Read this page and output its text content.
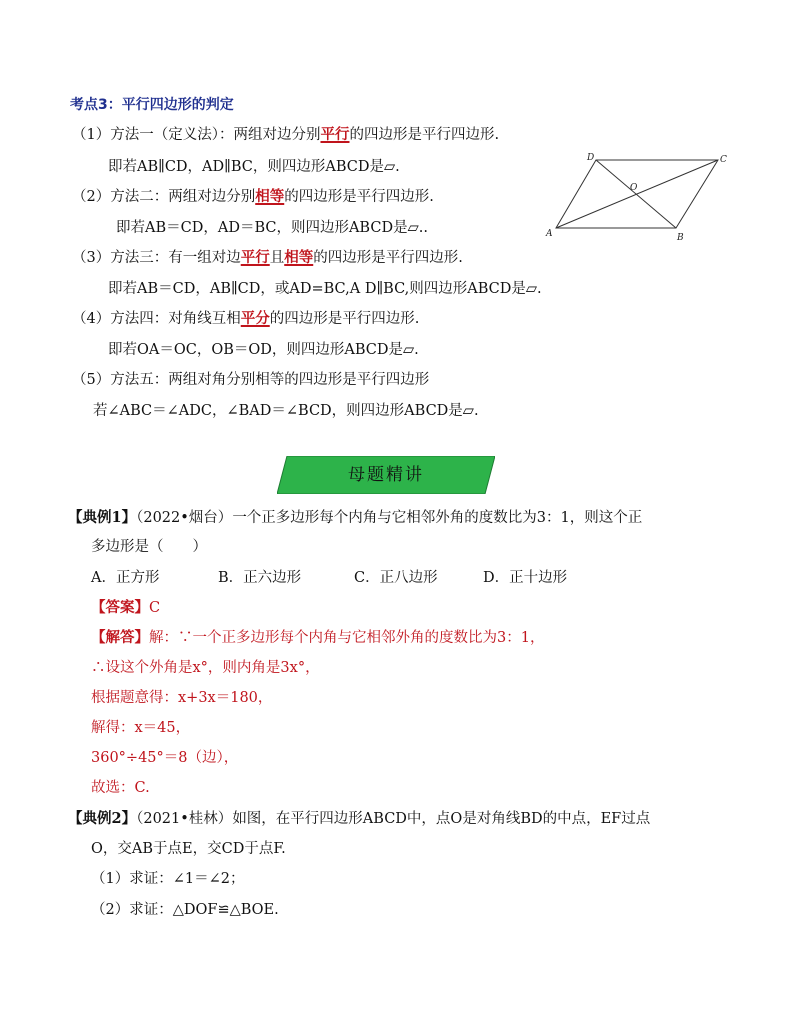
考点3：平行四边形的判定
（1）方法一（定义法）：两组对边分别平行的四边形是平行四边形.
即若AB∥CD，AD∥BC，则四边形ABCD是▱.
（2）方法二：两组对边分别相等的四边形是平行四边形.
即若AB＝CD，AD＝BC，则四边形ABCD是▱..
（3）方法三：有一组对边平行且相等的四边形是平行四边形.
即若AB＝CD，AB∥CD，或AD=BC,A D∥BC,则四边形ABCD是▱.
（4）方法四：对角线互相平分的四边形是平行四边形.
即若OA＝OC，OB＝OD，则四边形ABCD是▱.
（5）方法五：两组对角分别相等的四边形是平行四边形
若∠ABC＝∠ADC，∠BAD＝∠BCD，则四边形ABCD是▱.
A	B
C
D
O
母题精讲
【典例1】（2022•烟台）一个正多边形每个内角与它相邻外角的度数比为3：1，则这个正
多边形是（　　）
A．正方形	B．正六边形	C．正八边形	D．正十边形
【答案】C
【解答】解：∵一个正多边形每个内角与它相邻外角的度数比为3：1，
∴设这个外角是x°，则内角是3x°，
根据题意得：x+3x＝180，
解得：x＝45，
360°÷45°＝8（边），
故选：C.
【典例2】（2021•桂林）如图，在平行四边形ABCD中，点O是对角线BD的中点，EF过点
O，交AB于点E，交CD于点F.
（1）求证：∠1＝∠2；
（2）求证：△DOF≌△BOE.
